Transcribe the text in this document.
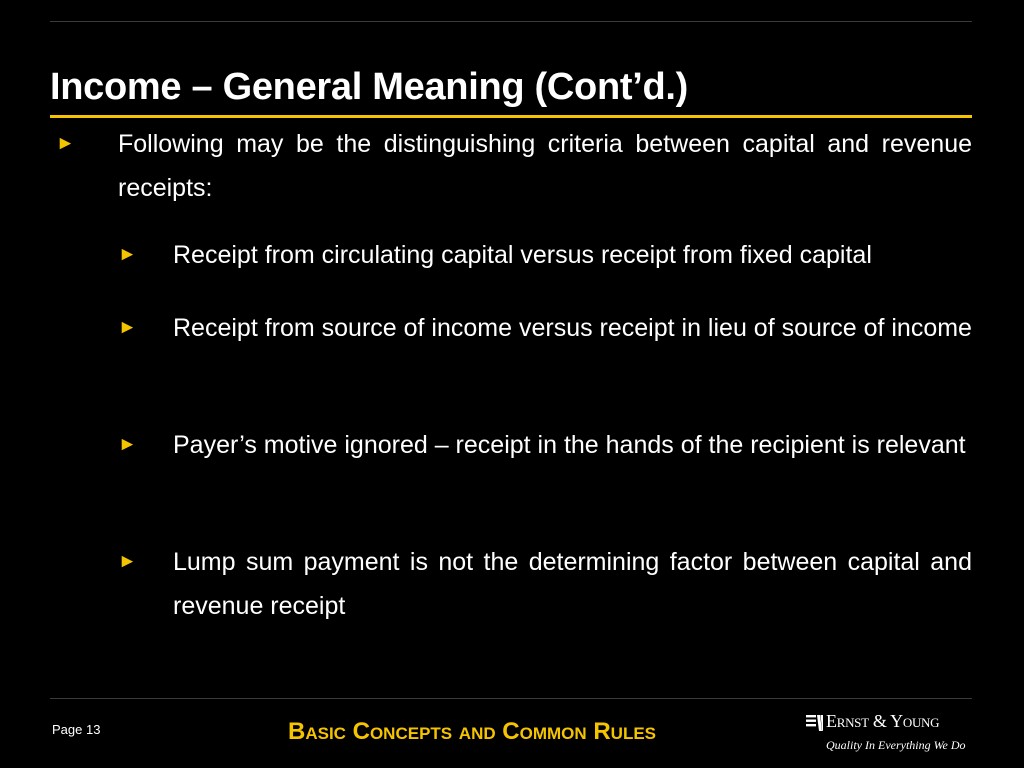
Income – General Meaning (Cont’d.)
►	Following may be the distinguishing criteria between capital and revenue receipts:
►	Receipt from circulating capital versus receipt from fixed capital
►	Receipt from source of income versus receipt in lieu of source of income
►	Payer’s motive ignored – receipt in the hands of the recipient is relevant
►	Lump sum payment is not the determining factor between capital and revenue receipt
Page 13	Basic Concepts and Common Rules	Ernst & Young
Quality In Everything We Do
